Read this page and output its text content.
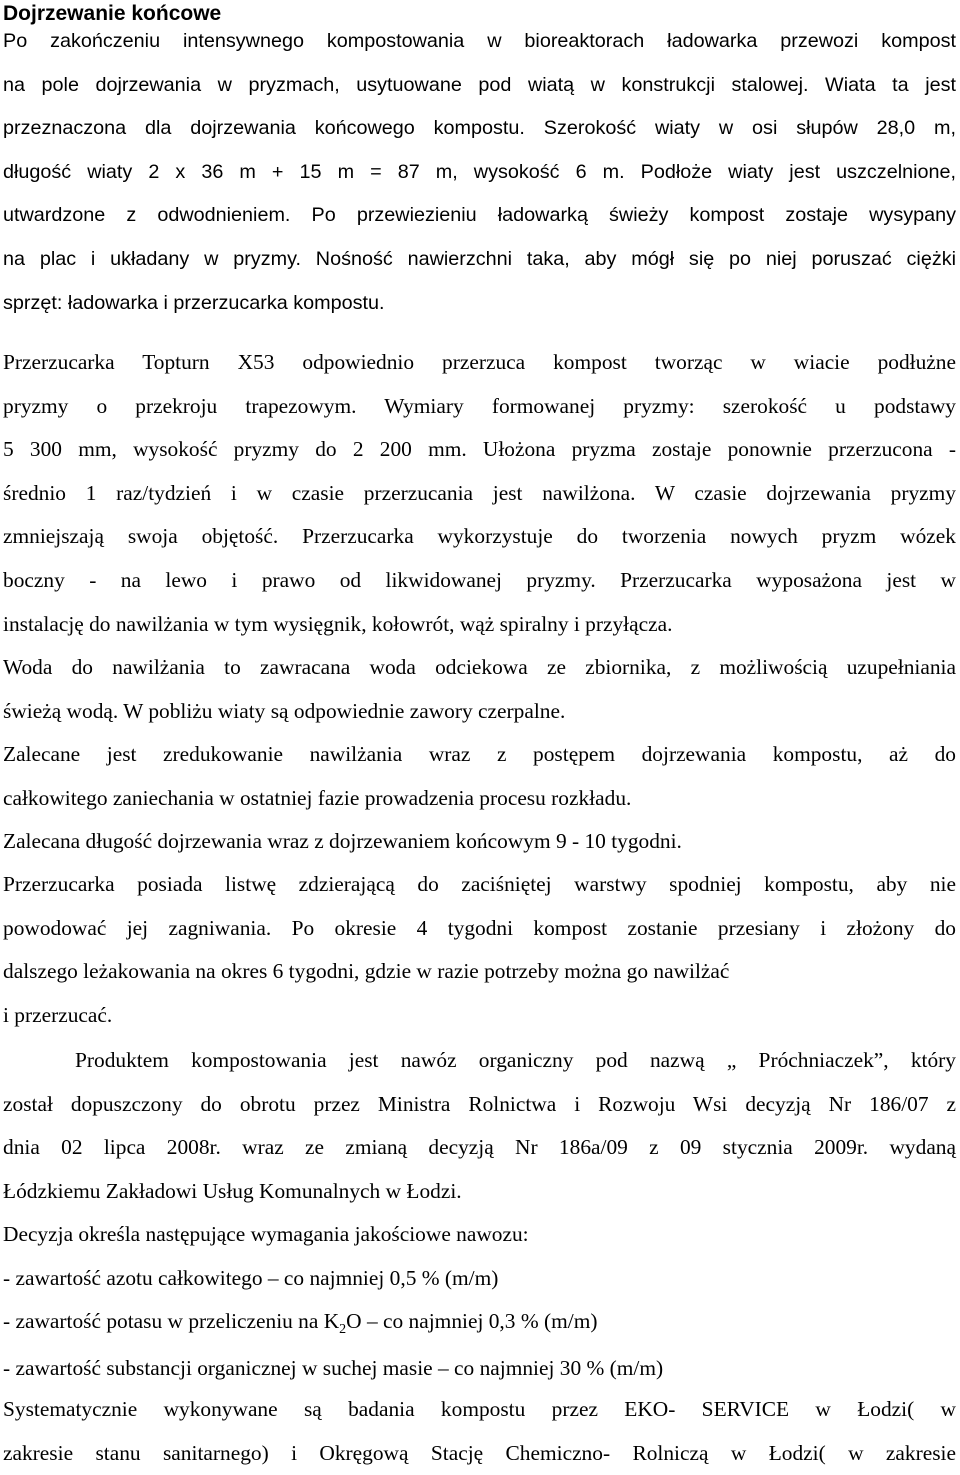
Dojrzewanie końcowe
Po zakończeniu intensywnego kompostowania w bioreaktorach ładowarka przewozi kompost
na pole dojrzewania w pryzmach, usytuowane pod wiatą w konstrukcji stalowej. Wiata ta jest
przeznaczona dla dojrzewania końcowego kompostu. Szerokość wiaty w osi słupów 28,0 m,
długość wiaty 2 x 36 m + 15 m = 87 m, wysokość 6 m. Podłoże wiaty jest uszczelnione,
utwardzone z odwodnieniem. Po przewiezieniu ładowarką świeży kompost zostaje wysypany
na plac i układany w pryzmy. Nośność nawierzchni taka, aby mógł się po niej poruszać ciężki
sprzęt: ładowarka i przerzucarka kompostu.
Przerzucarka Topturn X53 odpowiednio przerzuca kompost tworząc w wiacie podłużne
pryzmy o przekroju trapezowym. Wymiary formowanej pryzmy: szerokość u podstawy
5 300 mm, wysokość pryzmy do 2 200 mm. Ułożona pryzma zostaje ponownie przerzucona -
średnio 1 raz/tydzień i w czasie przerzucania jest nawilżona. W czasie dojrzewania pryzmy
zmniejszają swoja objętość. Przerzucarka wykorzystuje do tworzenia nowych pryzm wózek
boczny - na lewo i prawo od likwidowanej pryzmy. Przerzucarka wyposażona jest w
instalację do nawilżania w tym wysięgnik, kołowrót, wąż spiralny i przyłącza.
Woda do nawilżania to zawracana woda odciekowa ze zbiornika, z możliwością uzupełniania
świeżą wodą. W pobliżu wiaty są odpowiednie zawory czerpalne.
Zalecane jest zredukowanie nawilżania wraz z postępem dojrzewania kompostu, aż do
całkowitego zaniechania w ostatniej fazie prowadzenia procesu rozkładu.
Zalecana długość dojrzewania wraz z dojrzewaniem końcowym 9 - 10 tygodni.
Przerzucarka posiada listwę zdzierającą do zaciśniętej warstwy spodniej kompostu, aby nie
powodować jej zagniwania. Po okresie 4 tygodni kompost zostanie przesiany i złożony do
dalszego leżakowania na okres 6 tygodni, gdzie w razie potrzeby można go nawilżać
i przerzucać.
Produktem kompostowania jest nawóz organiczny pod nazwą „ Próchniaczek”, który
został dopuszczony do obrotu przez Ministra Rolnictwa i Rozwoju Wsi decyzją Nr 186/07 z
dnia 02 lipca 2008r. wraz ze zmianą decyzją Nr 186a/09 z 09 stycznia 2009r. wydaną
Łódzkiemu Zakładowi Usług Komunalnych w Łodzi.
Decyzja określa następujące wymagania jakościowe nawozu:
- zawartość azotu całkowitego – co najmniej 0,5 % (m/m)
- zawartość potasu w przeliczeniu na $K_2O$ – co najmniej 0,3 % (m/m)
- zawartość substancji organicznej w suchej masie – co najmniej 30 % (m/m)
Systematycznie wykonywane są badania kompostu przez EKO- SERVICE w Łodzi( w
zakresie stanu sanitarnego) i Okręgową Stację Chemiczno- Rolniczą w Łodzi( w zakresie
